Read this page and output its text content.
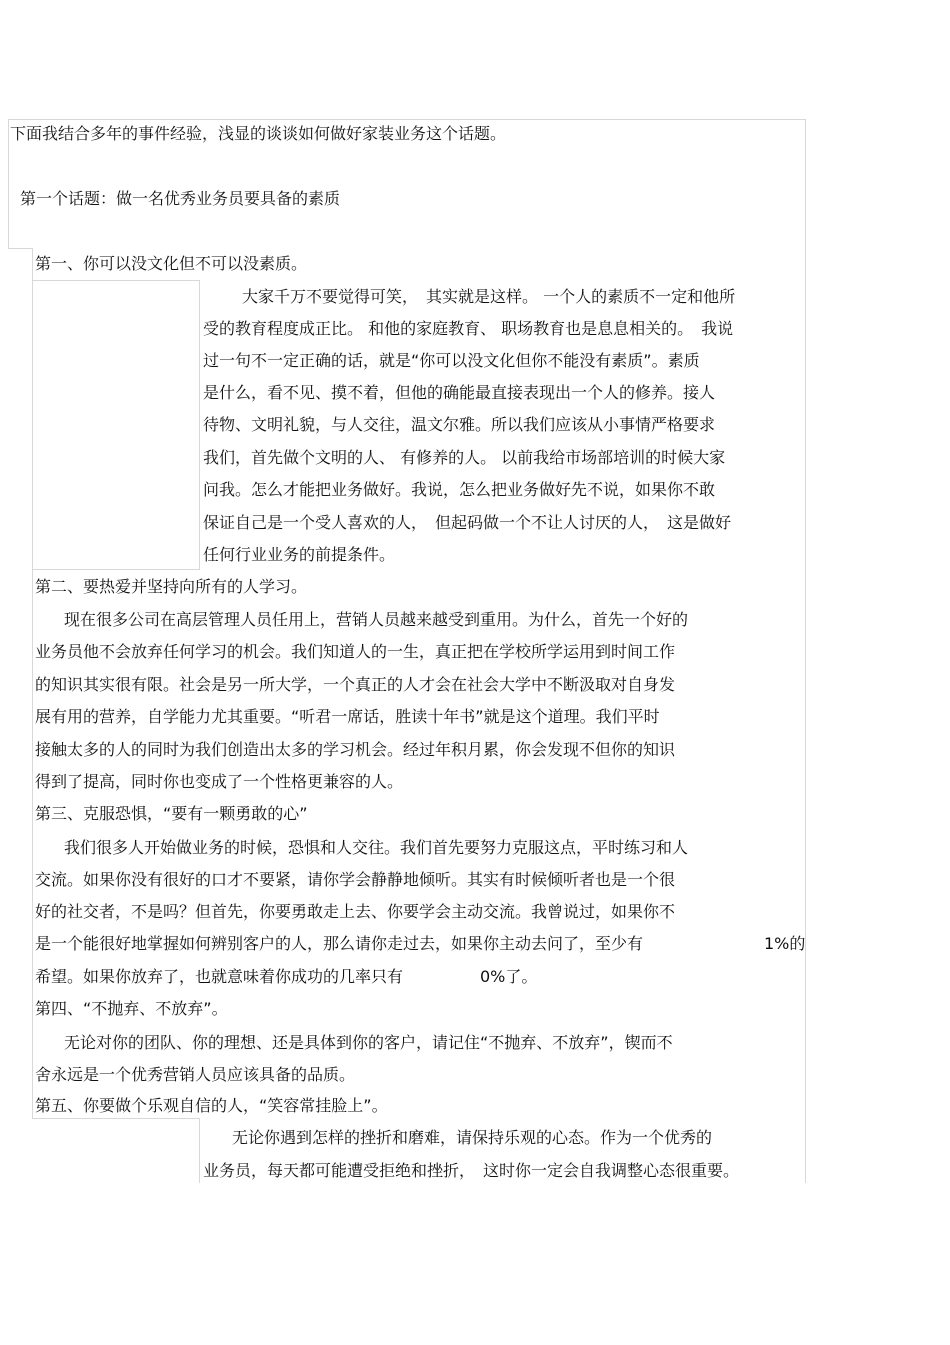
下面我结合多年的事件经验，浅显的谈谈如何做好家装业务这个话题。
第一个话题：做一名优秀业务员要具备的素质
第一、你可以没文化但不可以没素质。
大家千万不要觉得可笑，　其实就是这样。 一个人的素质不一定和他所
受的教育程度成正比。 和他的家庭教育、 职场教育也是息息相关的。　我说
过一句不一定正确的话，就是“你可以没文化但你不能没有素质”。素质
是什么，看不见、摸不着，但他的确能最直接表现出一个人的修养。接人
待物、文明礼貌，与人交往，温文尔雅。所以我们应该从小事情严格要求
我们，首先做个文明的人、 有修养的人。 以前我给市场部培训的时候大家
问我。怎么才能把业务做好。我说，怎么把业务做好先不说，如果你不敢
保证自己是一个受人喜欢的人，　但起码做一个不让人讨厌的人，　这是做好
任何行业业务的前提条件。
第二、要热爱并坚持向所有的人学习。
现在很多公司在高层管理人员任用上，营销人员越来越受到重用。为什么，首先一个好的
业务员他不会放弃任何学习的机会。我们知道人的一生，真正把在学校所学运用到时间工作
的知识其实很有限。社会是另一所大学，一个真正的人才会在社会大学中不断汲取对自身发
展有用的营养，自学能力尤其重要。“听君一席话，胜读十年书”就是这个道理。我们平时
接触太多的人的同时为我们创造出太多的学习机会。经过年积月累，你会发现不但你的知识
得到了提高，同时你也变成了一个性格更兼容的人。
第三、克服恐惧，“要有一颗勇敢的心”
我们很多人开始做业务的时候，恐惧和人交往。我们首先要努力克服这点，平时练习和人
交流。如果你没有很好的口才不要紧，请你学会静静地倾听。其实有时候倾听者也是一个很
好的社交者，不是吗？但首先，你要勇敢走上去、你要学会主动交流。我曾说过，如果你不
是一个能很好地掌握如何辨别客户的人，那么请你走过去，如果你主动去问了，至少有	1%的
希望。如果你放弃了，也就意味着你成功的几率只有	0%了。
第四、“不抛弃、不放弃”。
无论对你的团队、你的理想、还是具体到你的客户，请记住“不抛弃、不放弃”，锲而不
舍永远是一个优秀营销人员应该具备的品质。
第五、你要做个乐观自信的人，“笑容常挂脸上”。
无论你遇到怎样的挫折和磨难，请保持乐观的心态。作为一个优秀的
业务员，每天都可能遭受拒绝和挫折，　这时你一定会自我调整心态很重要。
